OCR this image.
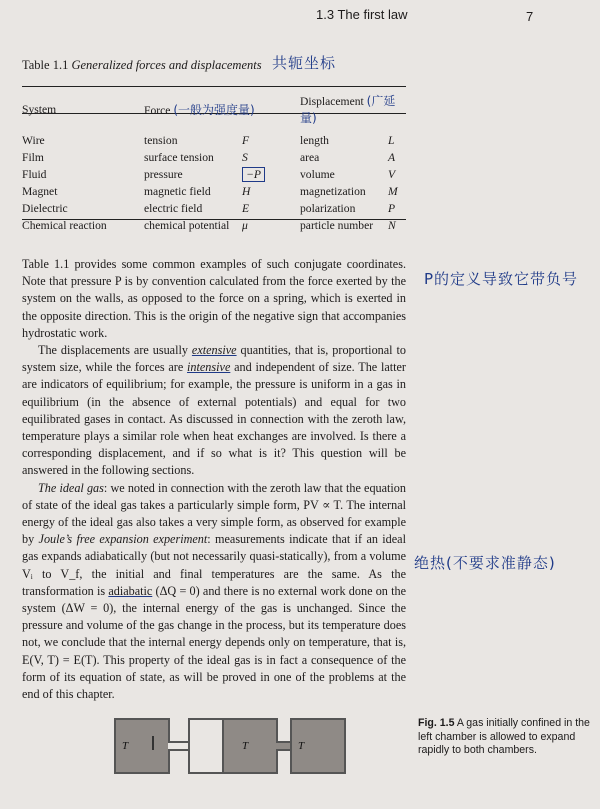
1.3 The first law	7
Table 1.1 Generalized forces and displacements 共轭坐标
System	Force (一般为强度量)		Displacement (广延量)	
Wire	tension	F	length	L
Film	surface tension	S	area	A
Fluid	pressure	−P	volume	V
Magnet	magnetic field	H	magnetization	M
Dielectric	electric field	E	polarization	P
Chemical reaction	chemical potential	μ	particle number	N

Table 1.1 provides some common examples of such conjugate coordinates. Note that pressure P is by convention calculated from the force exerted by the system on the walls, as opposed to the force on a spring, which is exerted in the opposite direction. This is the origin of the negative sign that accompanies hydrostatic work.

The displacements are usually extensive quantities, that is, proportional to system size, while the forces are intensive and independent of size. The latter are indicators of equilibrium; for example, the pressure is uniform in a gas in equilibrium (in the absence of external potentials) and equal for two equilibrated gases in contact. As discussed in connection with the zeroth law, temperature plays a similar role when heat exchanges are involved. Is there a corresponding displacement, and if so what is it? This question will be answered in the following sections.

The ideal gas: we noted in connection with the zeroth law that the equation of state of the ideal gas takes a particularly simple form, PV ∝ T. The internal energy of the ideal gas also takes a very simple form, as observed for example by Joule’s free expansion experiment: measurements indicate that if an ideal gas expands adiabatically (but not necessarily quasi-statically), from a volume Vᵢ to V_f, the initial and final temperatures are the same. As the transformation is adiabatic (ΔQ = 0) and there is no external work done on the system (ΔW = 0), the internal energy of the gas is unchanged. Since the pressure and volume of the gas change in the process, but its temperature does not, we conclude that the internal energy depends only on temperature, that is, E(V, T) = E(T). This property of the ideal gas is in fact a consequence of the form of its equation of state, as will be proved in one of the problems at the end of this chapter.

P的定义导致它带负号
绝热(不要求准静态)
T	T	T
Fig. 1.5 A gas initially confined in the left chamber is allowed to expand rapidly to both chambers.
